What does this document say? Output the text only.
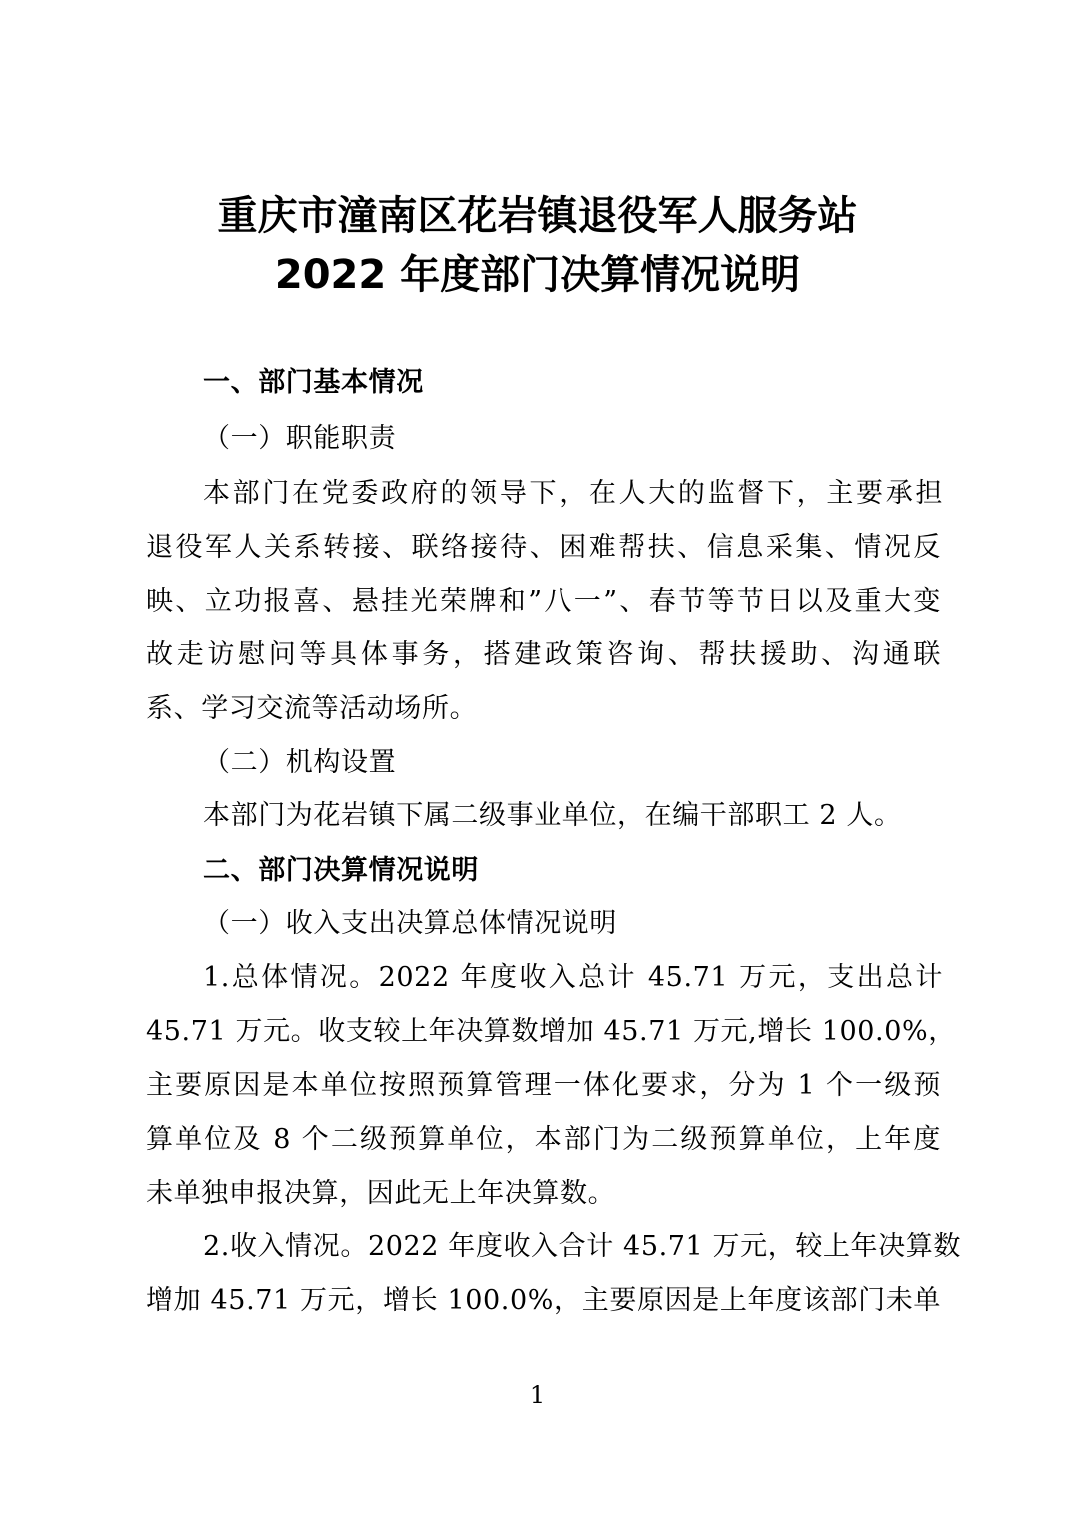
重庆市潼南区花岩镇退役军人服务站
2022 年度部门决算情况说明
一、部门基本情况
（一）职能职责
本部门在党委政府的领导下，在人大的监督下，主要承担
退役军人关系转接、联络接待、困难帮扶、信息采集、情况反
映、立功报喜、悬挂光荣牌和”八一”、春节等节日以及重大变
故走访慰问等具体事务，搭建政策咨询、帮扶援助、沟通联
系、学习交流等活动场所。
（二）机构设置
本部门为花岩镇下属二级事业单位，在编干部职工 2 人。
二、部门决算情况说明
（一）收入支出决算总体情况说明
1.总体情况。2022 年度收入总计 45.71 万元，支出总计
45.71 万元。收支较上年决算数增加 45.71 万元,增长 100.0%，
主要原因是本单位按照预算管理一体化要求，分为 1 个一级预
算单位及 8 个二级预算单位，本部门为二级预算单位，上年度
未单独申报决算，因此无上年决算数。
2.收入情况。2022 年度收入合计 45.71 万元，较上年决算数
增加 45.71 万元，增长 100.0%，主要原因是上年度该部门未单
1
